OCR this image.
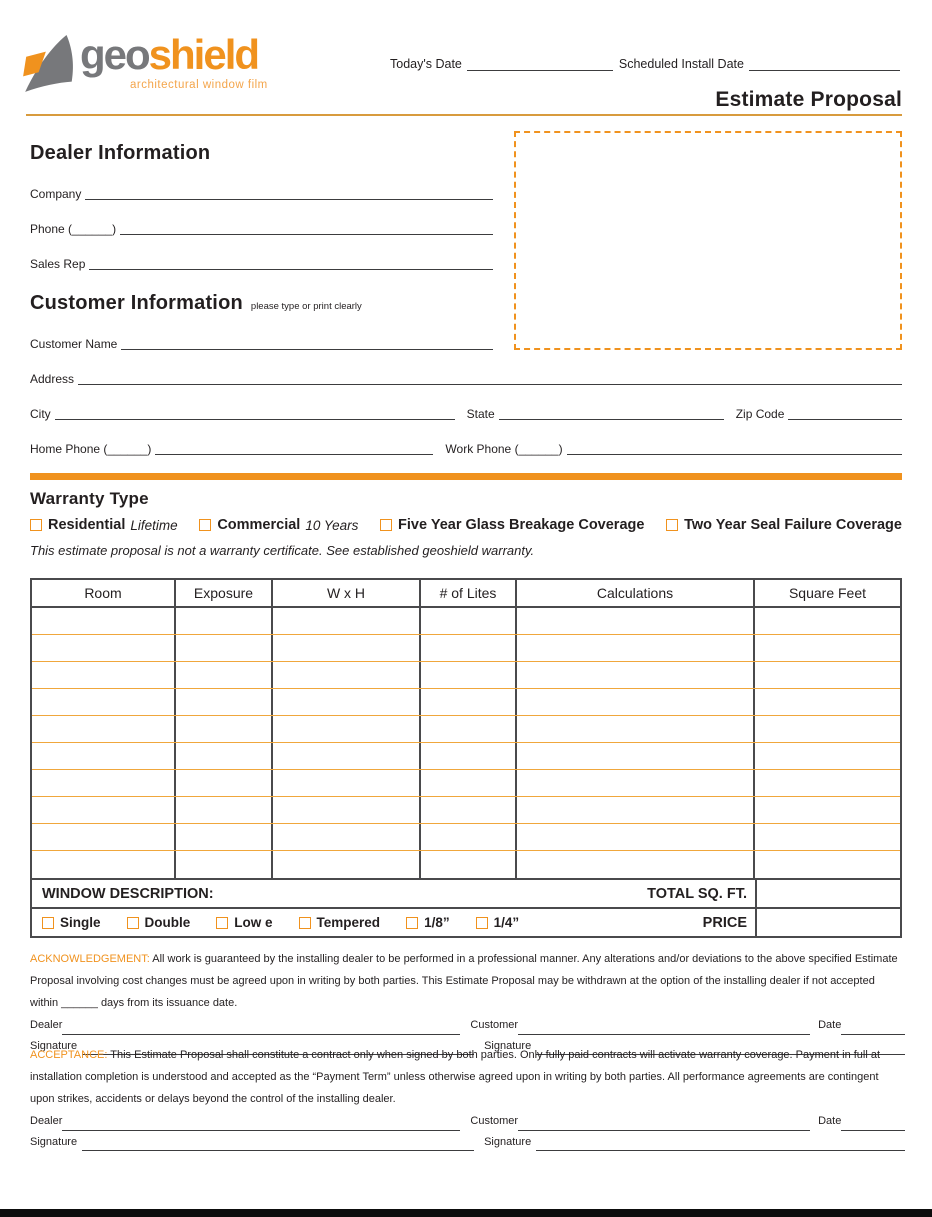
geoshield
architectural window film
Today's Date	Scheduled Install Date
Estimate Proposal
Dealer Information
Company
Phone (______)
Sales Rep
Customer Information please type or print clearly
Customer Name
Address
City	State	Zip Code
Home Phone (______)	Work Phone (______)
Warranty Type
Residential Lifetime	Commercial 10 Years	Five Year Glass Breakage Coverage	Two Year Seal Failure Coverage
This estimate proposal is not a warranty certificate. See established geoshield warranty.
Room	Exposure	W x H	# of Lites	Calculations	Square Feet
WINDOW DESCRIPTION:	TOTAL SQ. FT.
Single	Double	Low e	Tempered	1/8”	1/4”	PRICE
ACKNOWLEDGEMENT: All work is guaranteed by the installing dealer to be performed in a professional manner. Any alterations and/or deviations to the above specified Estimate Proposal involving cost changes must be agreed upon in writing by both parties. This Estimate Proposal may be withdrawn at the option of the installing dealer if not accepted within ______ days from its issuance date.
Dealer	Customer	Date
Signature	Signature
ACCEPTANCE: This Estimate Proposal shall constitute a contract only when signed by both parties. Only fully paid contracts will activate warranty coverage. Payment in full at installation completion is understood and accepted as the “Payment Term” unless otherwise agreed upon in writing by both parties. All performance agreements are contingent upon strikes, accidents or delays beyond the control of the installing dealer.
Dealer	Customer	Date
Signature	Signature
